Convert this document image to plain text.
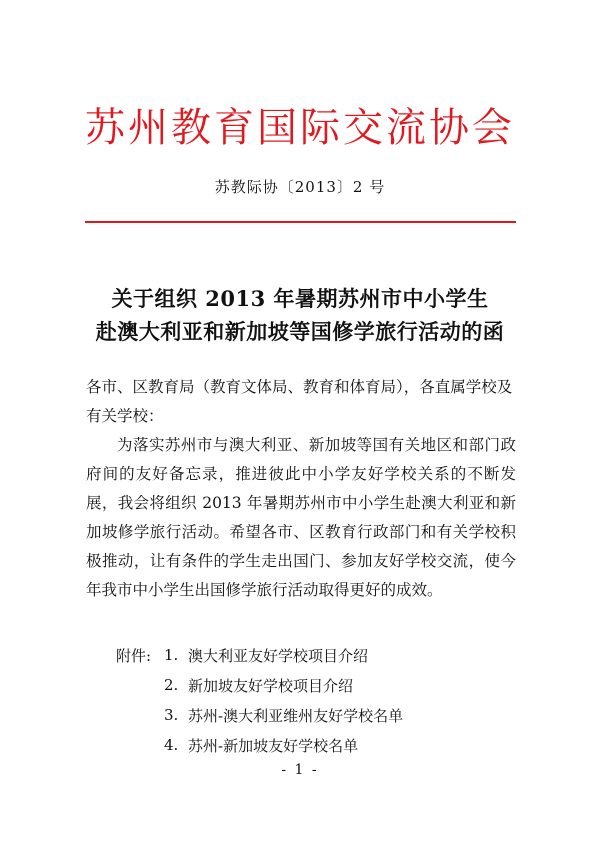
苏州教育国际交流协会
苏教际协〔2013〕2 号
关于组织 2013 年暑期苏州市中小学生
赴澳大利亚和新加坡等国修学旅行活动的函
各市、区教育局（教育文体局、教育和体育局），各直属学校及有关学校：
为落实苏州市与澳大利亚、新加坡等国有关地区和部门政府间的友好备忘录，推进彼此中小学友好学校关系的不断发展，我会将组织 2013 年暑期苏州市中小学生赴澳大利亚和新加坡修学旅行活动。希望各市、区教育行政部门和有关学校积极推动，让有条件的学生走出国门、参加友好学校交流，使今年我市中小学生出国修学旅行活动取得更好的成效。
附件: 1. 澳大利亚友好学校项目介绍
2. 新加坡友好学校项目介绍
3. 苏州-澳大利亚维州友好学校名单
4. 苏州-新加坡友好学校名单
- 1 -
